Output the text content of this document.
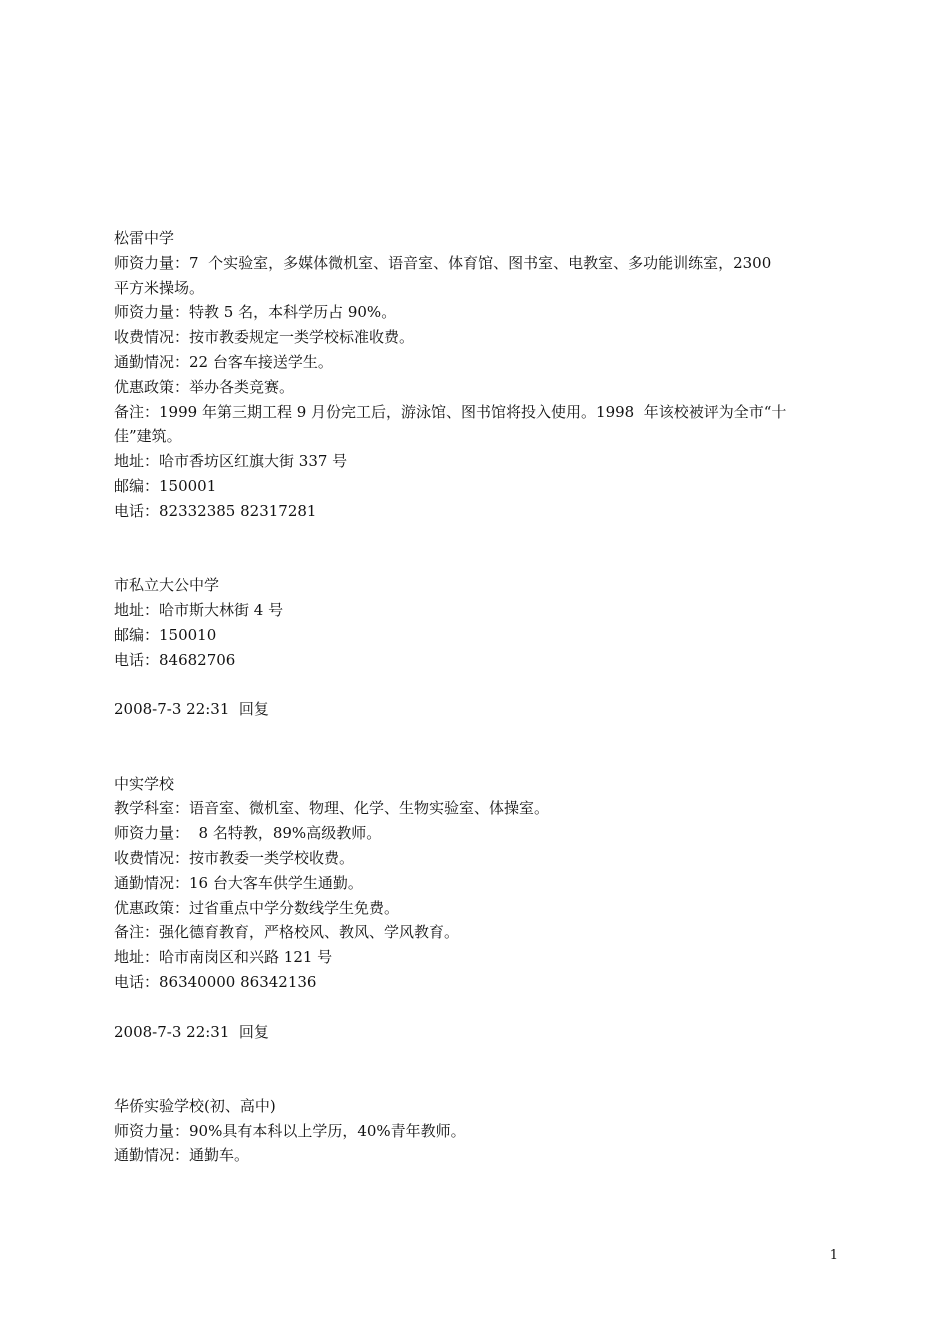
松雷中学
师资力量：7  个实验室，多媒体微机室、语音室、体育馆、图书室、电教室、多功能训练室，2300
平方米操场。
师资力量：特教 5 名，本科学历占 90%。
收费情况：按市教委规定一类学校标准收费。
通勤情况：22 台客车接送学生。
优惠政策：举办各类竞赛。
备注：1999 年第三期工程 9 月份完工后，游泳馆、图书馆将投入使用。1998  年该校被评为全市“十
佳”建筑。
地址：哈市香坊区红旗大街 337 号
邮编：150001
电话：82332385 82317281
市私立大公中学
地址：哈市斯大林街 4 号
邮编：150010
电话：84682706
2008-7-3 22:31  回复
中实学校
教学科室：语音室、微机室、物理、化学、生物实验室、体操室。
师资力量：  8 名特教，89%高级教师。
收费情况：按市教委一类学校收费。
通勤情况：16 台大客车供学生通勤。
优惠政策：过省重点中学分数线学生免费。
备注：强化德育教育，严格校风、教风、学风教育。
地址：哈市南岗区和兴路 121 号
电话：86340000 86342136
2008-7-3 22:31  回复
华侨实验学校(初、高中)
师资力量：90%具有本科以上学历，40%青年教师。
通勤情况：通勤车。
1
